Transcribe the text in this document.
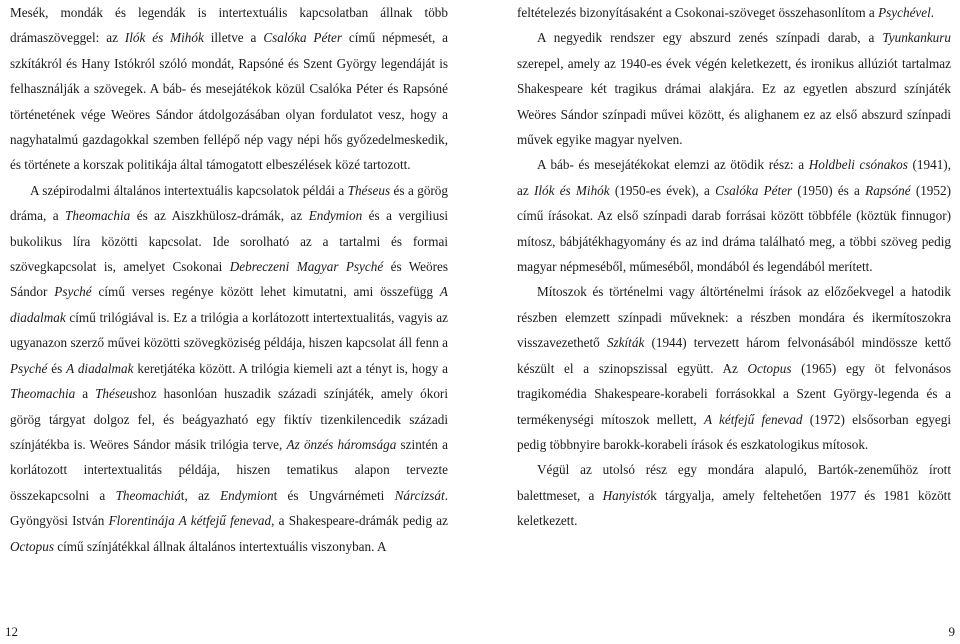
Mesék, mondák és legendák is intertextuális kapcsolatban állnak több drámaszöveggel: az Ilók és Mihók illetve a Csalóka Péter című népmesét, a szkítákról és Hany Istókról szóló mondát, Rapsóné és Szent György legendáját is felhasználják a szövegek. A báb- és mesejátékok közül Csalóka Péter és Rapsóné történetének vége Weöres Sándor átdolgozásában olyan fordulatot vesz, hogy a nagyhatalmú gazdagokkal szemben fellépő nép vagy népi hős győzedelmeskedik, és története a korszak politikája által támogatott elbeszélések közé tartozott.

A szépirodalmi általános intertextuális kapcsolatok példái a Théseus és a görög dráma, a Theomachia és az Aiszkhülosz-drámák, az Endymion és a vergiliusi bukolikus líra közötti kapcsolat. Ide sorolható az a tartalmi és formai szövegkapcsolat is, amelyet Csokonai Debreczeni Magyar Psyché és Weöres Sándor Psyché című verses regénye között lehet kimutatni, ami összefügg A diadalmak című trilógiával is. Ez a trilógia a korlátozott intertextualitás, vagyis az ugyanazon szerző művei közötti szövegköziség példája, hiszen kapcsolat áll fenn a Psyché és A diadalmak keretjátéka között. A trilógia kiemeli azt a tényt is, hogy a Theomachia a Théseushoz hasonlóan huszadik századi színjáték, amely ókori görög tárgyat dolgoz fel, és beágyazható egy fiktív tizenkilencedik századi színjátékba is. Weöres Sándor másik trilógia terve, Az önzés háromsága szintén a korlátozott intertextualitás példája, hiszen tematikus alapon tervezte összekapcsolni a Theomachiát, az Endymiont és Ungvárnémeti Nárcizsát. Gyöngyösi István Florentinája A kétfejű fenevad, a Shakespeare-drámák pedig az Octopus című színjátékkal állnak általános intertextuális viszonyban. A

feltételezés bizonyításaként a Csokonai-szöveget összehasonlítom a Psychével.

A negyedik rendszer egy abszurd zenés színpadi darab, a Tyunkankuru szerepel, amely az 1940-es évek végén keletkezett, és ironikus allúziót tartalmaz Shakespeare két tragikus drámai alakjára. Ez az egyetlen abszurd színjáték Weöres Sándor színpadi művei között, és alighanem ez az első abszurd színpadi művek egyike magyar nyelven.

A báb- és mesejátékokat elemzi az ötödik rész: a Holdbeli csónakos (1941), az Ilók és Mihók (1950-es évek), a Csalóka Péter (1950) és a Rapsóné (1952) című írásokat. Az első színpadi darab forrásai között többféle (köztük finnugor) mítosz, bábjátékhagyomány és az ind dráma található meg, a többi szöveg pedig magyar népmeséből, műmeséből, mondából és legendából merített.

Mítoszok és történelmi vagy áltörténelmi írások az előzőekvegel a hatodik részben elemzett színpadi műveknek: a részben mondára és ikermítoszokra visszavezethető Szkíták (1944) tervezett három felvonásából mindössze kettő készült el a szinopszissal együtt. Az Octopus (1965) egy öt felvonásos tragikomédia Shakespeare-korabeli forrásokkal a Szent György-legenda és a termékenységi mítoszok mellett, A kétfejű fenevad (1972) elsősorban egyegi pedig többnyire barokk-korabeli írások és eszkatologikus mítosok.

Végül az utolsó rész egy mondára alapuló, Bartók-zeneműhöz írott balettmeset, a Hanyistók tárgyalja, amely feltehetően 1977 és 1981 között keletkezett.

12	9
